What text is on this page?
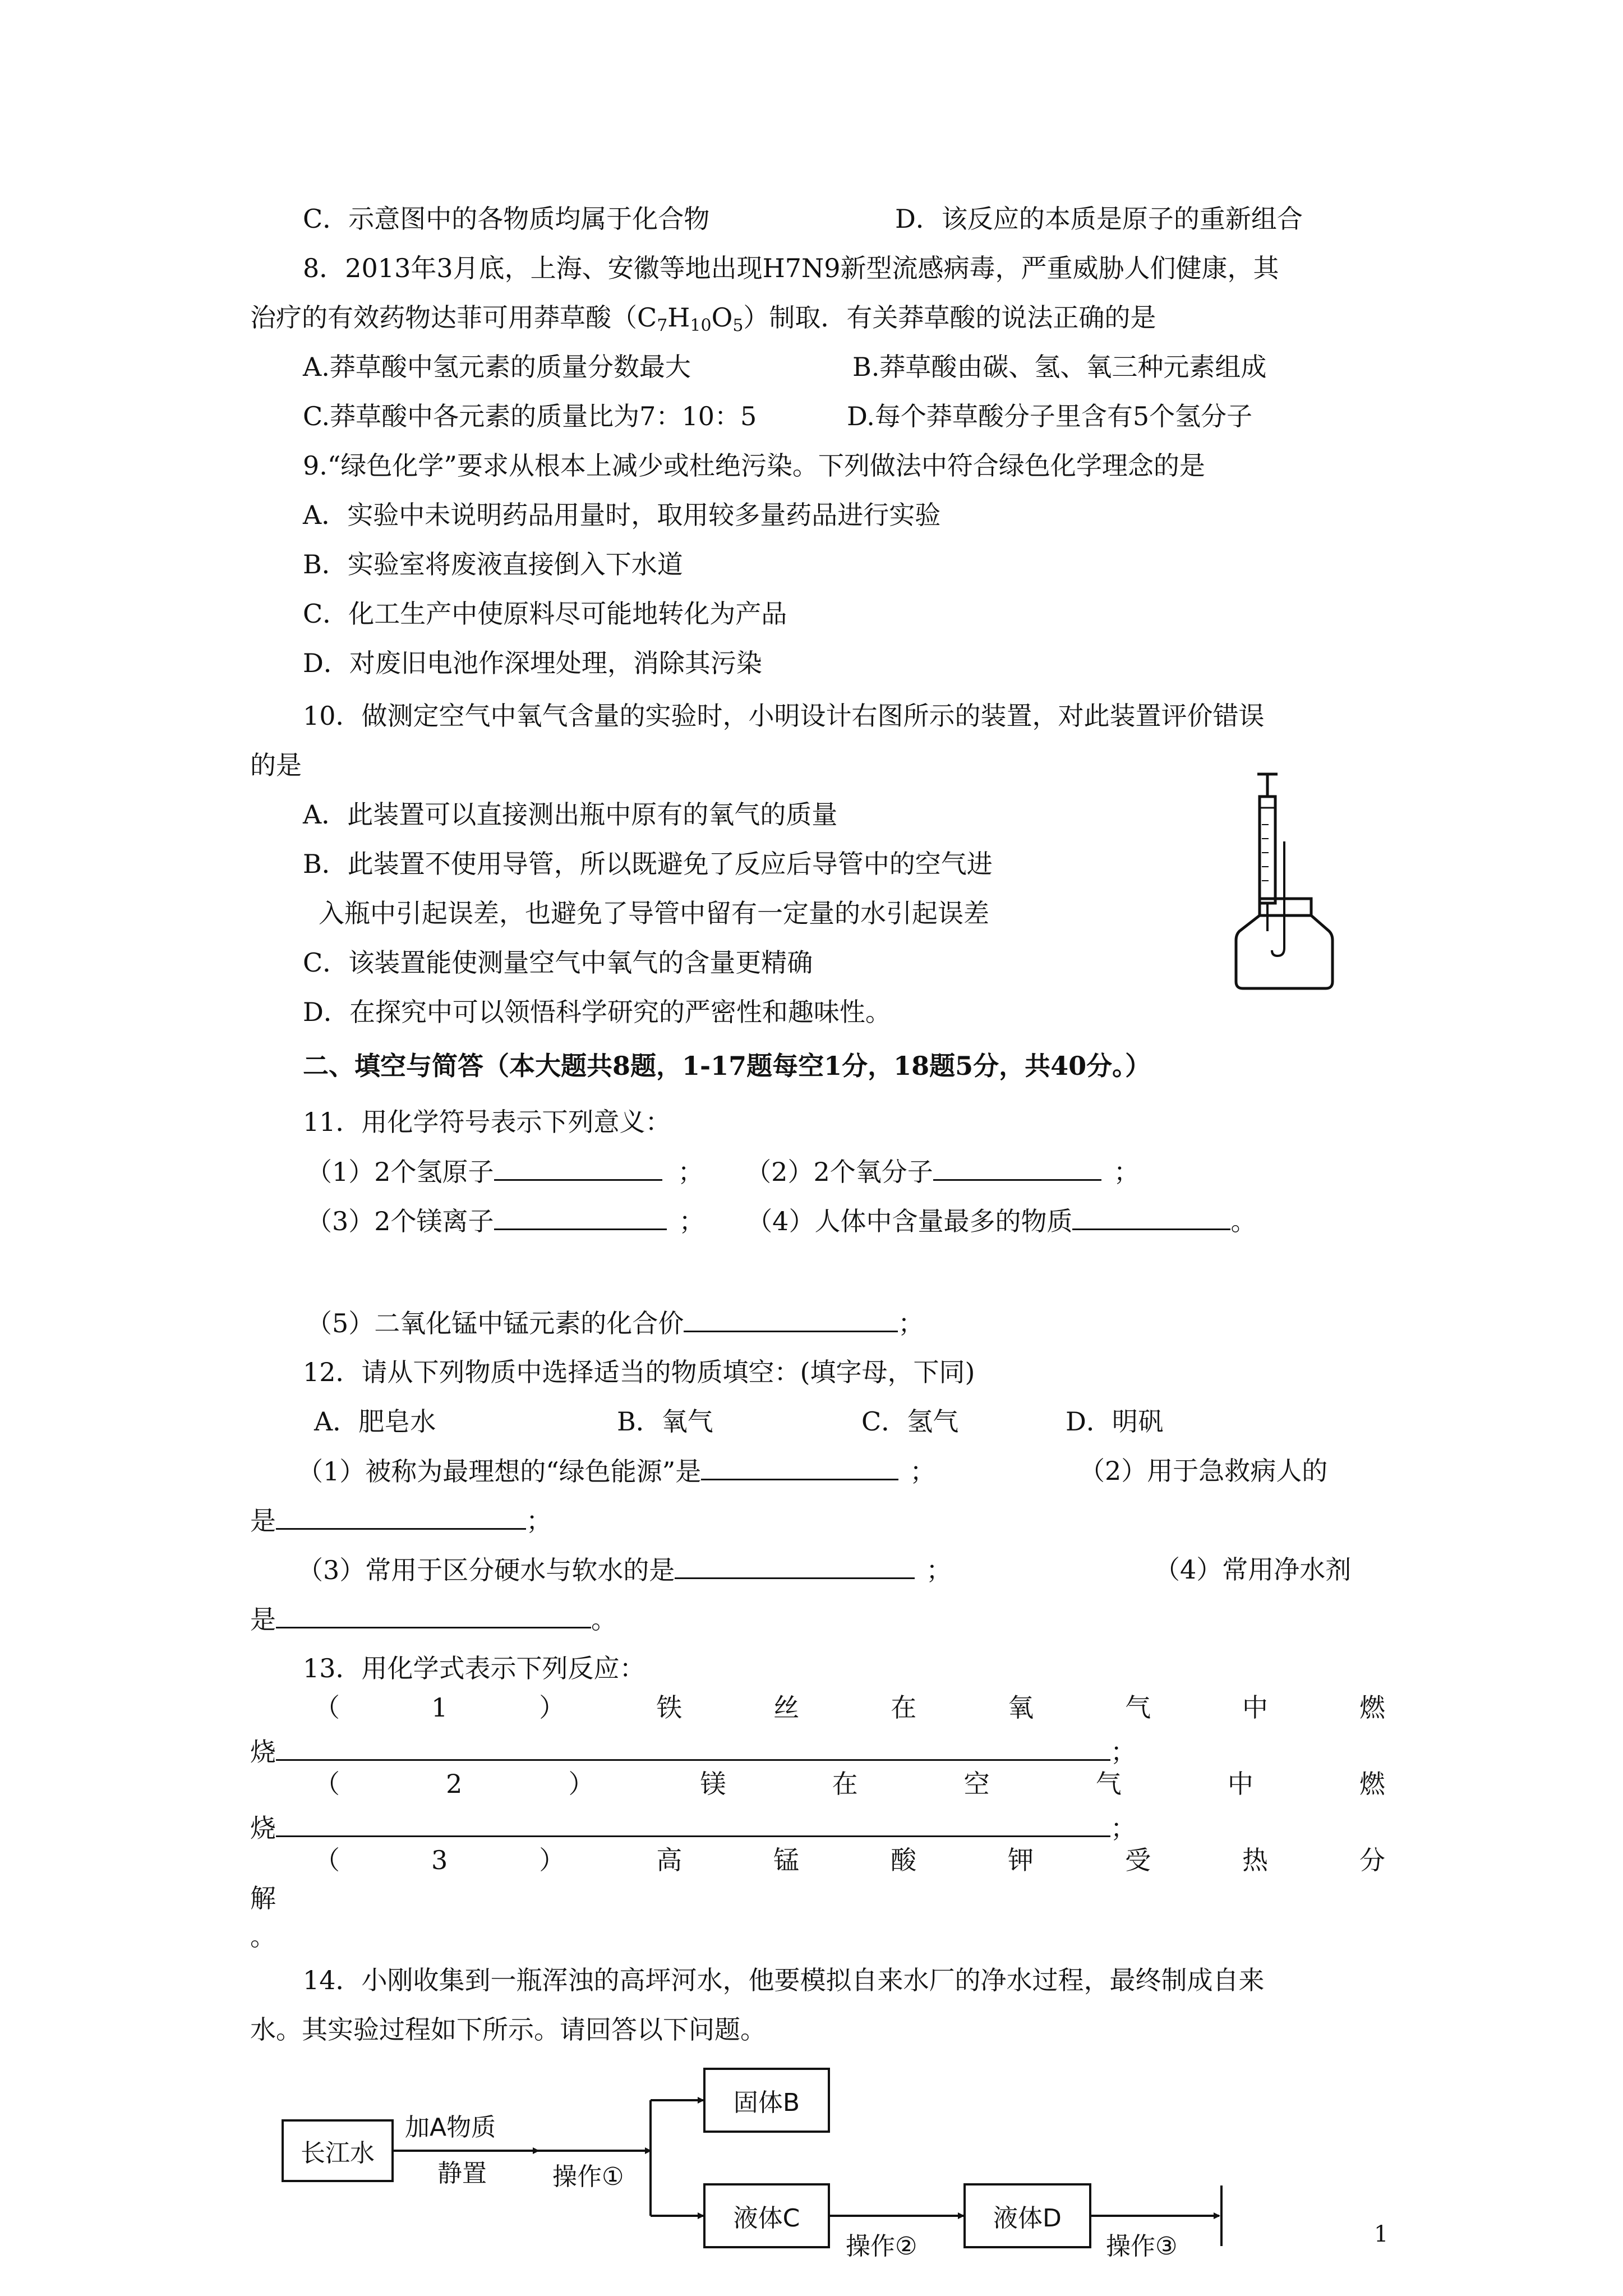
C．示意图中的各物质均属于化合物	D．该反应的本质是原子的重新组合
8．2013年3月底，上海、安徽等地出现H7N9新型流感病毒，严重威胁人们健康，其
治疗的有效药物达菲可用莽草酸$(C_7H_{10}O_5)$制取．有关莽草酸的说法正确的是
A.莽草酸中氢元素的质量分数最大	B.莽草酸由碳、氢、氧三种元素组成
C.莽草酸中各元素的质量比为7：10：5	D.每个莽草酸分子里含有5个氢分子
9.“绿色化学”要求从根本上减少或杜绝污染。下列做法中符合绿色化学理念的是
A．实验中未说明药品用量时，取用较多量药品进行实验
B．实验室将废液直接倒入下水道
C．化工生产中使原料尽可能地转化为产品
D．对废旧电池作深埋处理，消除其污染
10．做测定空气中氧气含量的实验时，小明设计右图所示的装置，对此装置评价错误
的是
A．此装置可以直接测出瓶中原有的氧气的质量
B．此装置不使用导管，所以既避免了反应后导管中的空气进
入瓶中引起误差，也避免了导管中留有一定量的水引起误差
C．该装置能使测量空气中氧气的含量更精确
D．在探究中可以领悟科学研究的严密性和趣味性。
二、填空与简答（本大题共8题，1-17题每空1分，18题5分，共40分。）
11．用化学符号表示下列意义：
（1）2个氢原子	； （2）2个氧分子	；
（3）2个镁离子	； （4）人体中含量最多的物质	。
（5）二氧化锰中锰元素的化合价	；
12．请从下列物质中选择适当的物质填空：(填字母，下同)
A．肥皂水	B．氧气	C．氢气	D．明矾
（1）被称为最理想的“绿色能源”是	；	（2）用于急救病人的
是	；
（3）常用于区分硬水与软水的是	；	（4）常用净水剂
是	。
13．用化学式表示下列反应：
（	1	）	铁	丝	在	氧	气	中	燃
烧	；
（	2	）	镁	在	空	气	中	燃
烧	；
（	3	）	高	锰	酸	钾	受	热	分
解
。
14．小刚收集到一瓶浑浊的高坪河水，他要模拟自来水厂的净水过程，最终制成自来
水。其实验过程如下所示。请回答以下问题。
长江水
加A物质
静置	操作①
固体B
液体C
操作②
液体D
操作③	1
